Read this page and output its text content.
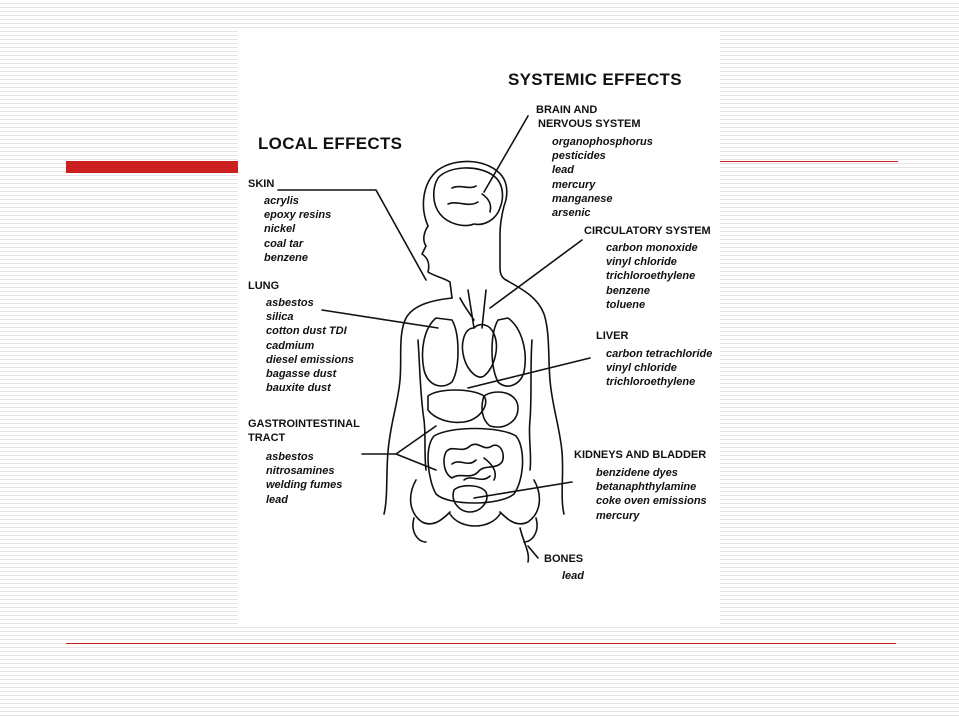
SYSTEMIC EFFECTS
LOCAL EFFECTS
SKIN
acrylis
epoxy resins
nickel
coal tar
benzene
LUNG
asbestos
silica
cotton dust TDI
cadmium
diesel emissions
bagasse dust
bauxite dust
GASTROINTESTINAL
TRACT
asbestos
nitrosamines
welding fumes
lead
BRAIN AND
NERVOUS SYSTEM
organophosphorus
pesticides
lead
mercury
manganese
arsenic
CIRCULATORY SYSTEM
carbon monoxide
vinyl chloride
trichloroethylene
benzene
toluene
LIVER
carbon tetrachloride
vinyl chloride
trichloroethylene
KIDNEYS AND BLADDER
benzidene dyes
betanaphthylamine
coke oven emissions
mercury
BONES
lead
